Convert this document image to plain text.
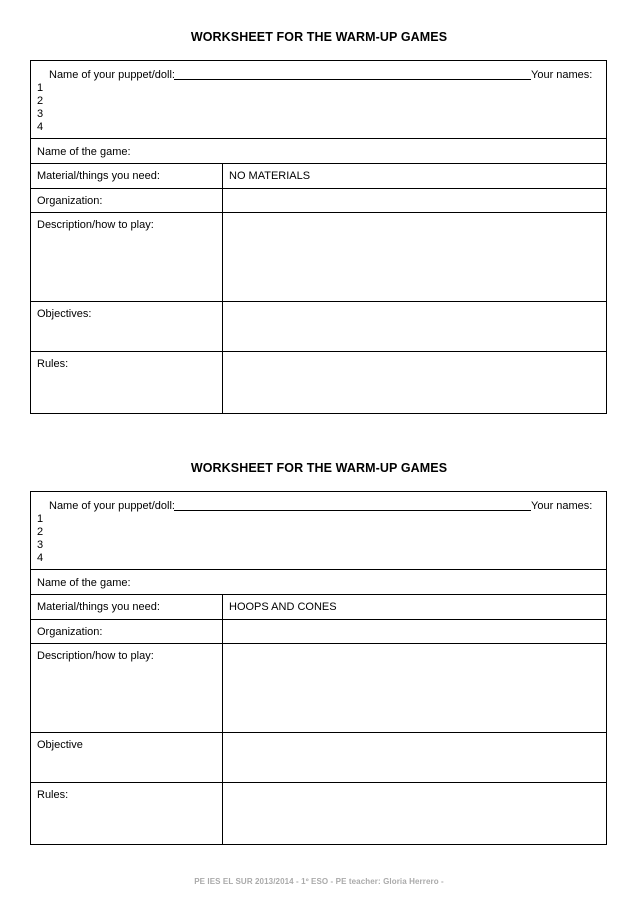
WORKSHEET FOR THE WARM-UP GAMES
Name of your puppet/doll:	Your names:
1
2
3
4
Name of the game:
Material/things you need:	NO MATERIALS
Organization:
Description/how to play:
Objectives:
Rules:
WORKSHEET FOR THE WARM-UP GAMES
Name of your puppet/doll:	Your names:
1
2
3
4
Name of the game:
Material/things you need:	HOOPS AND CONES
Organization:
Description/how to play:
Objective
Rules:
PE IES EL SUR 2013/2014 - 1º ESO - PE teacher: Gloria Herrero -
